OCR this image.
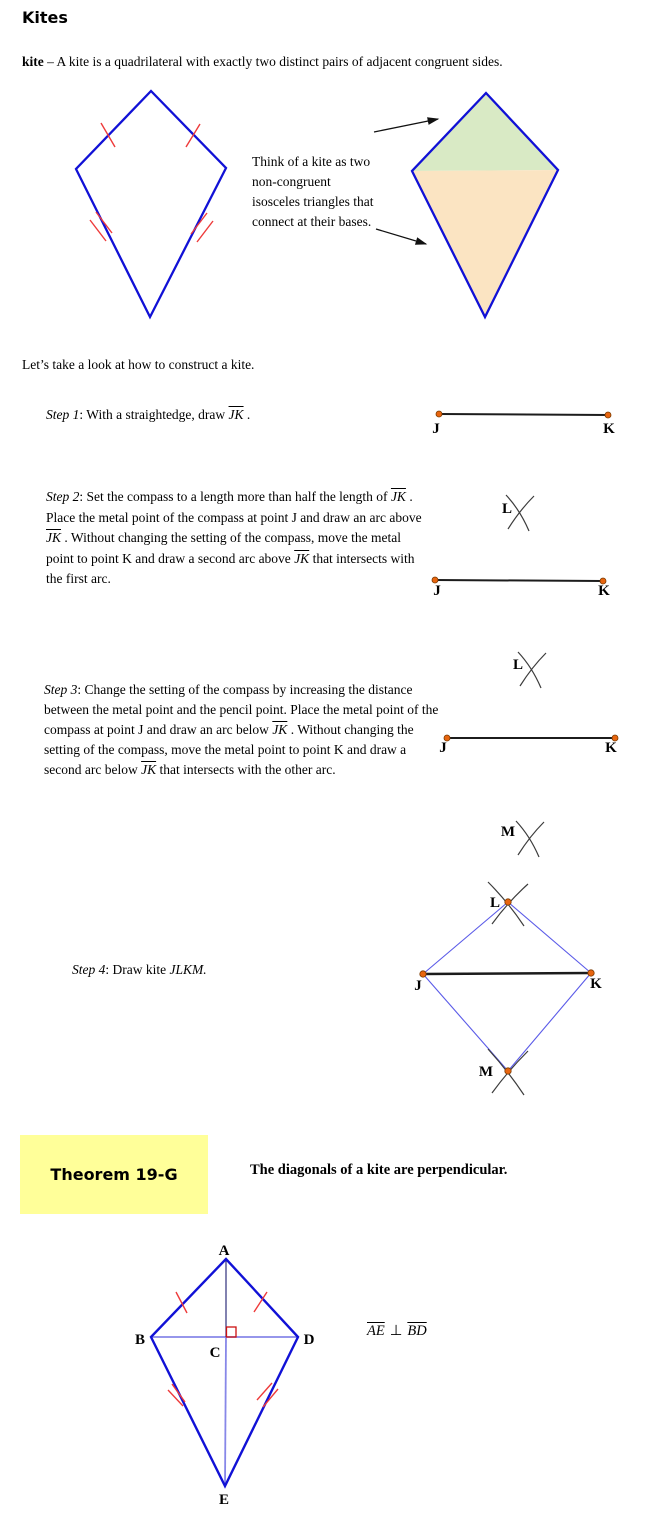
Kites
kite – A kite is a quadrilateral with exactly two distinct pairs of adjacent congruent sides.
Think of a kite as two
non-congruent
isosceles triangles that
connect at their bases.
Let’s take a look at how to construct a kite.
Step 1: With a straightedge, draw $\overline{JK}$ .
J	K
Step 2: Set the compass to a length more than half the length of $\overline{JK}$ . Place the metal point of the compass at point J and draw an arc above $\overline{JK}$ . Without changing the setting of the compass, move the metal point to point K and draw a second arc above $\overline{JK}$ that intersects with the first arc.
L
J	K
Step 3: Change the setting of the compass by increasing the distance between the metal point and the pencil point. Place the metal point of the compass at point J and draw an arc below $\overline{JK}$ . Without changing the setting of the compass, move the metal point to point K and draw a second arc below $\overline{JK}$ that intersects with the other arc.
L
J	K
M
Step 4: Draw kite JLKM.
L
J	K
M
Theorem 19-G	The diagonals of a kite are perpendicular.
A
B
C
D
E
$\overline{AE}$ ⊥ $\overline{BD}$
